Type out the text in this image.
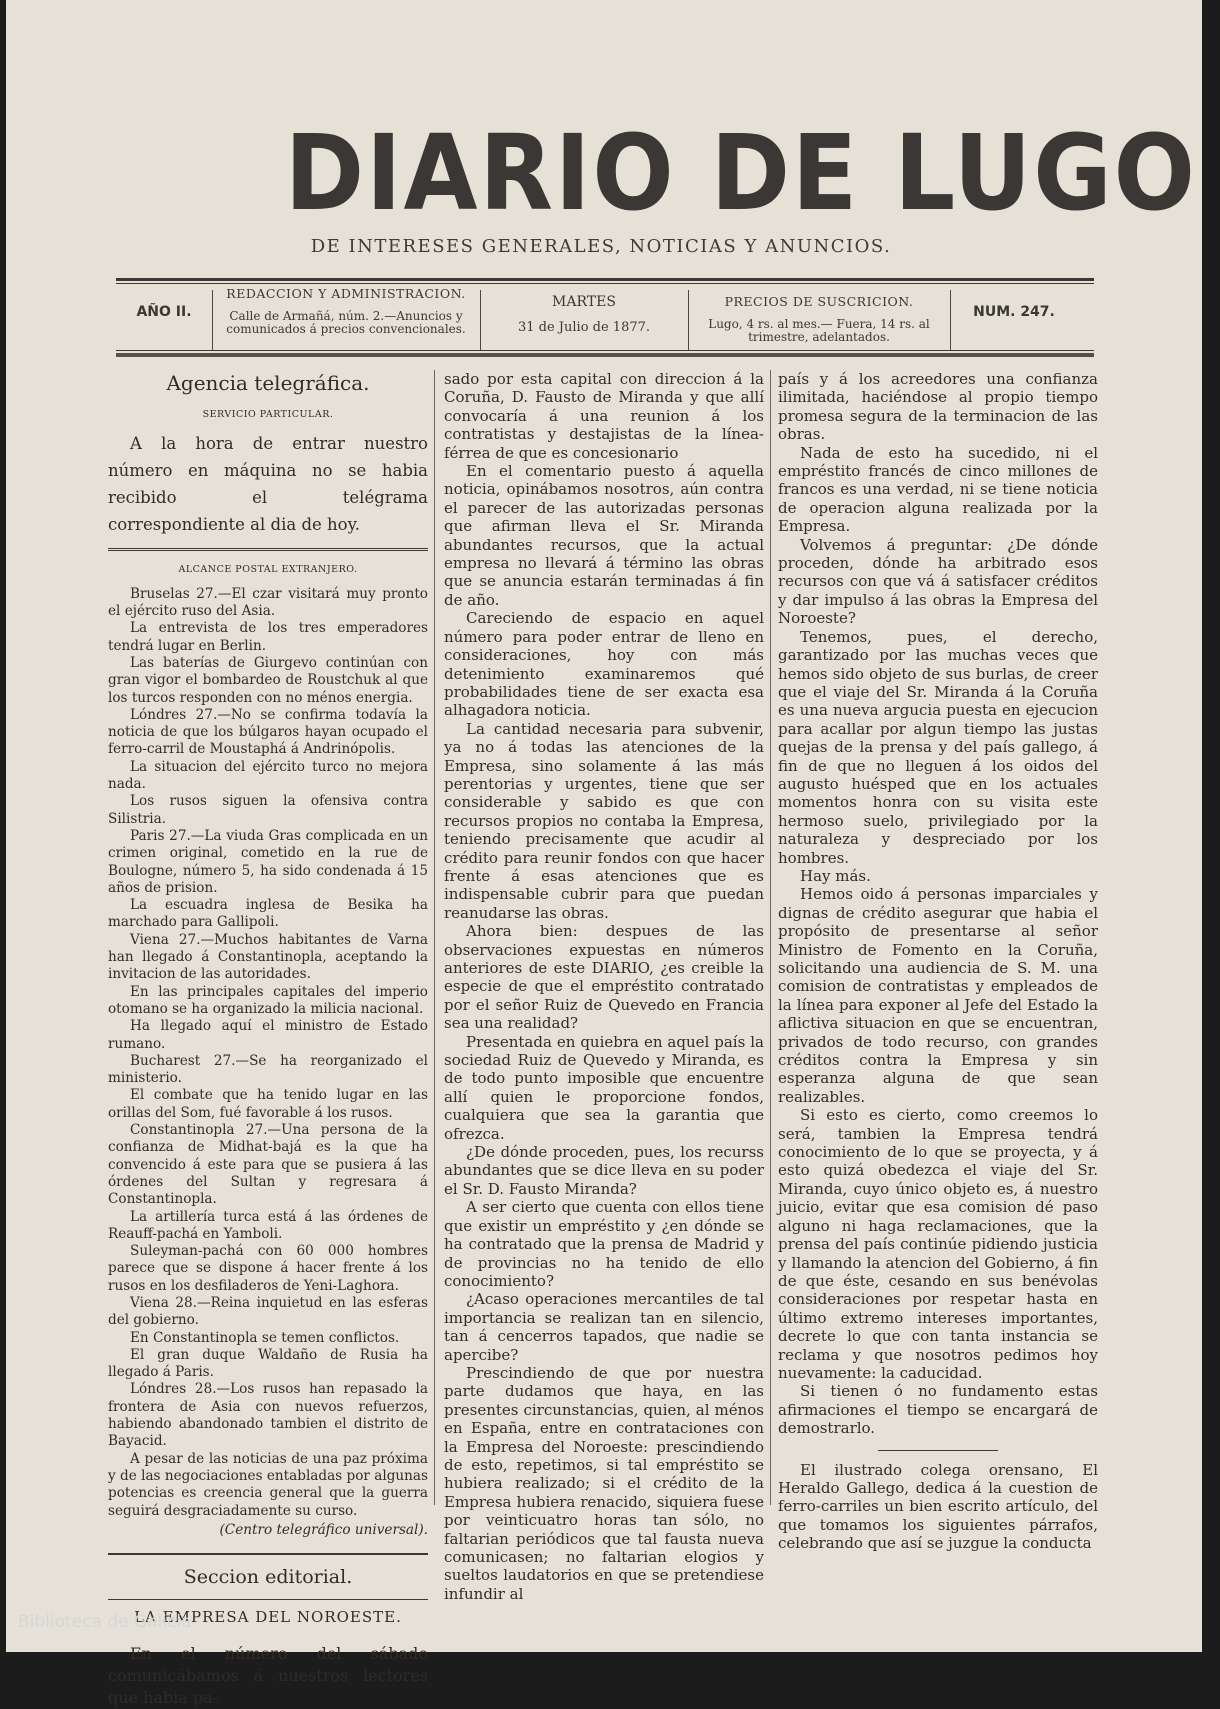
DIARIO DE LUGO
DE INTERESES GENERALES, NOTICIAS Y ANUNCIOS.
AÑO II.
REDACCION Y ADMINISTRACION.
Calle de Armañá, núm. 2.—Anuncios y comunicados á precios convencionales.
MARTES
31 de Julio de 1877.
PRECIOS DE SUSCRICION.
Lugo, 4 rs. al mes.— Fuera, 14 rs. al trimestre, adelantados.
NUM. 247.

Agencia telegráfica.

SERVICIO PARTICULAR.

A la hora de entrar nuestro número en máquina no se habia recibido el telégrama correspondiente al dia de hoy.

ALCANCE POSTAL EXTRANJERO.

Bruselas 27.—El czar visitará muy pronto el ejército ruso del Asia.

La entrevista de los tres emperadores tendrá lugar en Berlin.

Las baterías de Giurgevo continúan con gran vigor el bombardeo de Roustchuk al que los turcos responden con no ménos energia.

Lóndres 27.—No se confirma todavía la noticia de que los búlgaros hayan ocupado el ferro-carril de Moustaphá á Andrinópolis.

La situacion del ejército turco no mejora nada.

Los rusos siguen la ofensiva contra Silistria.

Paris 27.—La viuda Gras complicada en un crimen original, cometido en la rue de Boulogne, número 5, ha sido condenada á 15 años de prision.

La escuadra inglesa de Besika ha marchado para Gallipoli.

Viena 27.—Muchos habitantes de Varna han llegado á Constantinopla, aceptando la invitacion de las autoridades.

En las principales capitales del imperio otomano se ha organizado la milicia nacional.

Ha llegado aquí el ministro de Estado rumano.

Bucharest 27.—Se ha reorganizado el ministerio.

El combate que ha tenido lugar en las orillas del Som, fué favorable á los rusos.

Constantinopla 27.—Una persona de la confianza de Midhat-bajá es la que ha convencido á este para que se pusiera á las órdenes del Sultan y regresara á Constantinopla.

La artillería turca está á las órdenes de Reauff-pachá en Yamboli.

Suleyman-pachá con 60 000 hombres parece que se dispone á hacer frente á los rusos en los desfiladeros de Yeni-Laghora.

Viena 28.—Reina inquietud en las esferas del gobierno.

En Constantinopla se temen conflictos.

El gran duque Waldaño de Rusia ha llegado á Paris.

Lóndres 28.—Los rusos han repasado la frontera de Asia con nuevos refuerzos, habiendo abandonado tambien el distrito de Bayacid.

A pesar de las noticias de una paz próxima y de las negociaciones entabladas por algunas potencias es creencia general que la guerra seguirá desgraciadamente su curso.

(Centro telegráfico universal).

Seccion editorial.

LA EMPRESA DEL NOROESTE.

En el número del sábado comunicábamos á nuestros lectores que habia pa-

sado por esta capital con direccion á la Coruña, D. Fausto de Miranda y que allí convocaría á una reunion á los contratistas y destajistas de la línea-férrea de que es concesionario

En el comentario puesto á aquella noticia, opinábamos nosotros, aún contra el parecer de las autorizadas personas que afirman lleva el Sr. Miranda abundantes recursos, que la actual empresa no llevará á término las obras que se anuncia estarán terminadas á fin de año.

Careciendo de espacio en aquel número para poder entrar de lleno en consideraciones, hoy con más detenimiento examinaremos qué probabilidades tiene de ser exacta esa alhagadora noticia.

La cantidad necesaria para subvenir, ya no á todas las atenciones de la Empresa, sino solamente á las más perentorias y urgentes, tiene que ser considerable y sabido es que con recursos propios no contaba la Empresa, teniendo precisamente que acudir al crédito para reunir fondos con que hacer frente á esas atenciones que es indispensable cubrir para que puedan reanudarse las obras.

Ahora bien: despues de las observaciones expuestas en números anteriores de este DIARIO, ¿es creible la especie de que el empréstito contratado por el señor Ruiz de Quevedo en Francia sea una realidad?

Presentada en quiebra en aquel país la sociedad Ruiz de Quevedo y Miranda, es de todo punto imposible que encuentre allí quien le proporcione fondos, cualquiera que sea la garantia que ofrezca.

¿De dónde proceden, pues, los recurss abundantes que se dice lleva en su poder el Sr. D. Fausto Miranda?

A ser cierto que cuenta con ellos tiene que existir un empréstito y ¿en dónde se ha contratado que la prensa de Madrid y de provincias no ha tenido de ello conocimiento?

¿Acaso operaciones mercantiles de tal importancia se realizan tan en silencio, tan á cencerros tapados, que nadie se apercibe?

Prescindiendo de que por nuestra parte dudamos que haya, en las presentes circunstancias, quien, al ménos en España, entre en contrataciones con la Empresa del Noroeste: prescindiendo de esto, repetimos, si tal empréstito se hubiera realizado; si el crédito de la Empresa hubiera renacido, siquiera fuese por veinticuatro horas tan sólo, no faltarian periódicos que tal fausta nueva comunicasen; no faltarian elogios y sueltos laudatorios en que se pretendiese infundir al

país y á los acreedores una confianza ilimitada, haciéndose al propio tiempo promesa segura de la terminacion de las obras.

Nada de esto ha sucedido, ni el empréstito francés de cinco millones de francos es una verdad, ni se tiene noticia de operacion alguna realizada por la Empresa.

Volvemos á preguntar: ¿De dónde proceden, dónde ha arbitrado esos recursos con que vá á satisfacer créditos y dar impulso á las obras la Empresa del Noroeste?

Tenemos, pues, el derecho, garantizado por las muchas veces que hemos sido objeto de sus burlas, de creer que el viaje del Sr. Miranda á la Coruña es una nueva argucia puesta en ejecucion para acallar por algun tiempo las justas quejas de la prensa y del país gallego, á fin de que no lleguen á los oidos del augusto huésped que en los actuales momentos honra con su visita este hermoso suelo, privilegiado por la naturaleza y despreciado por los hombres.

Hay más.

Hemos oido á personas imparciales y dignas de crédito asegurar que habia el propósito de presentarse al señor Ministro de Fomento en la Coruña, solicitando una audiencia de S. M. una comision de contratistas y empleados de la línea para exponer al Jefe del Estado la aflictiva situacion en que se encuentran, privados de todo recurso, con grandes créditos contra la Empresa y sin esperanza alguna de que sean realizables.

Si esto es cierto, como creemos lo será, tambien la Empresa tendrá conocimiento de lo que se proyecta, y á esto quizá obedezca el viaje del Sr. Miranda, cuyo único objeto es, á nuestro juicio, evitar que esa comision dé paso alguno ni haga reclamaciones, que la prensa del país continúe pidiendo justicia y llamando la atencion del Gobierno, á fin de que éste, cesando en sus benévolas consideraciones por respetar hasta en último extremo intereses importantes, decrete lo que con tanta instancia se reclama y que nosotros pedimos hoy nuevamente: la caducidad.

Si tienen ó no fundamento estas afirmaciones el tiempo se encargará de demostrarlo.

El ilustrado colega orensano, El Heraldo Gallego, dedica á la cuestion de ferro-carriles un bien escrito artículo, del que tomamos los siguientes párrafos, celebrando que así se juzgue la conducta

Biblioteca de Galicia
